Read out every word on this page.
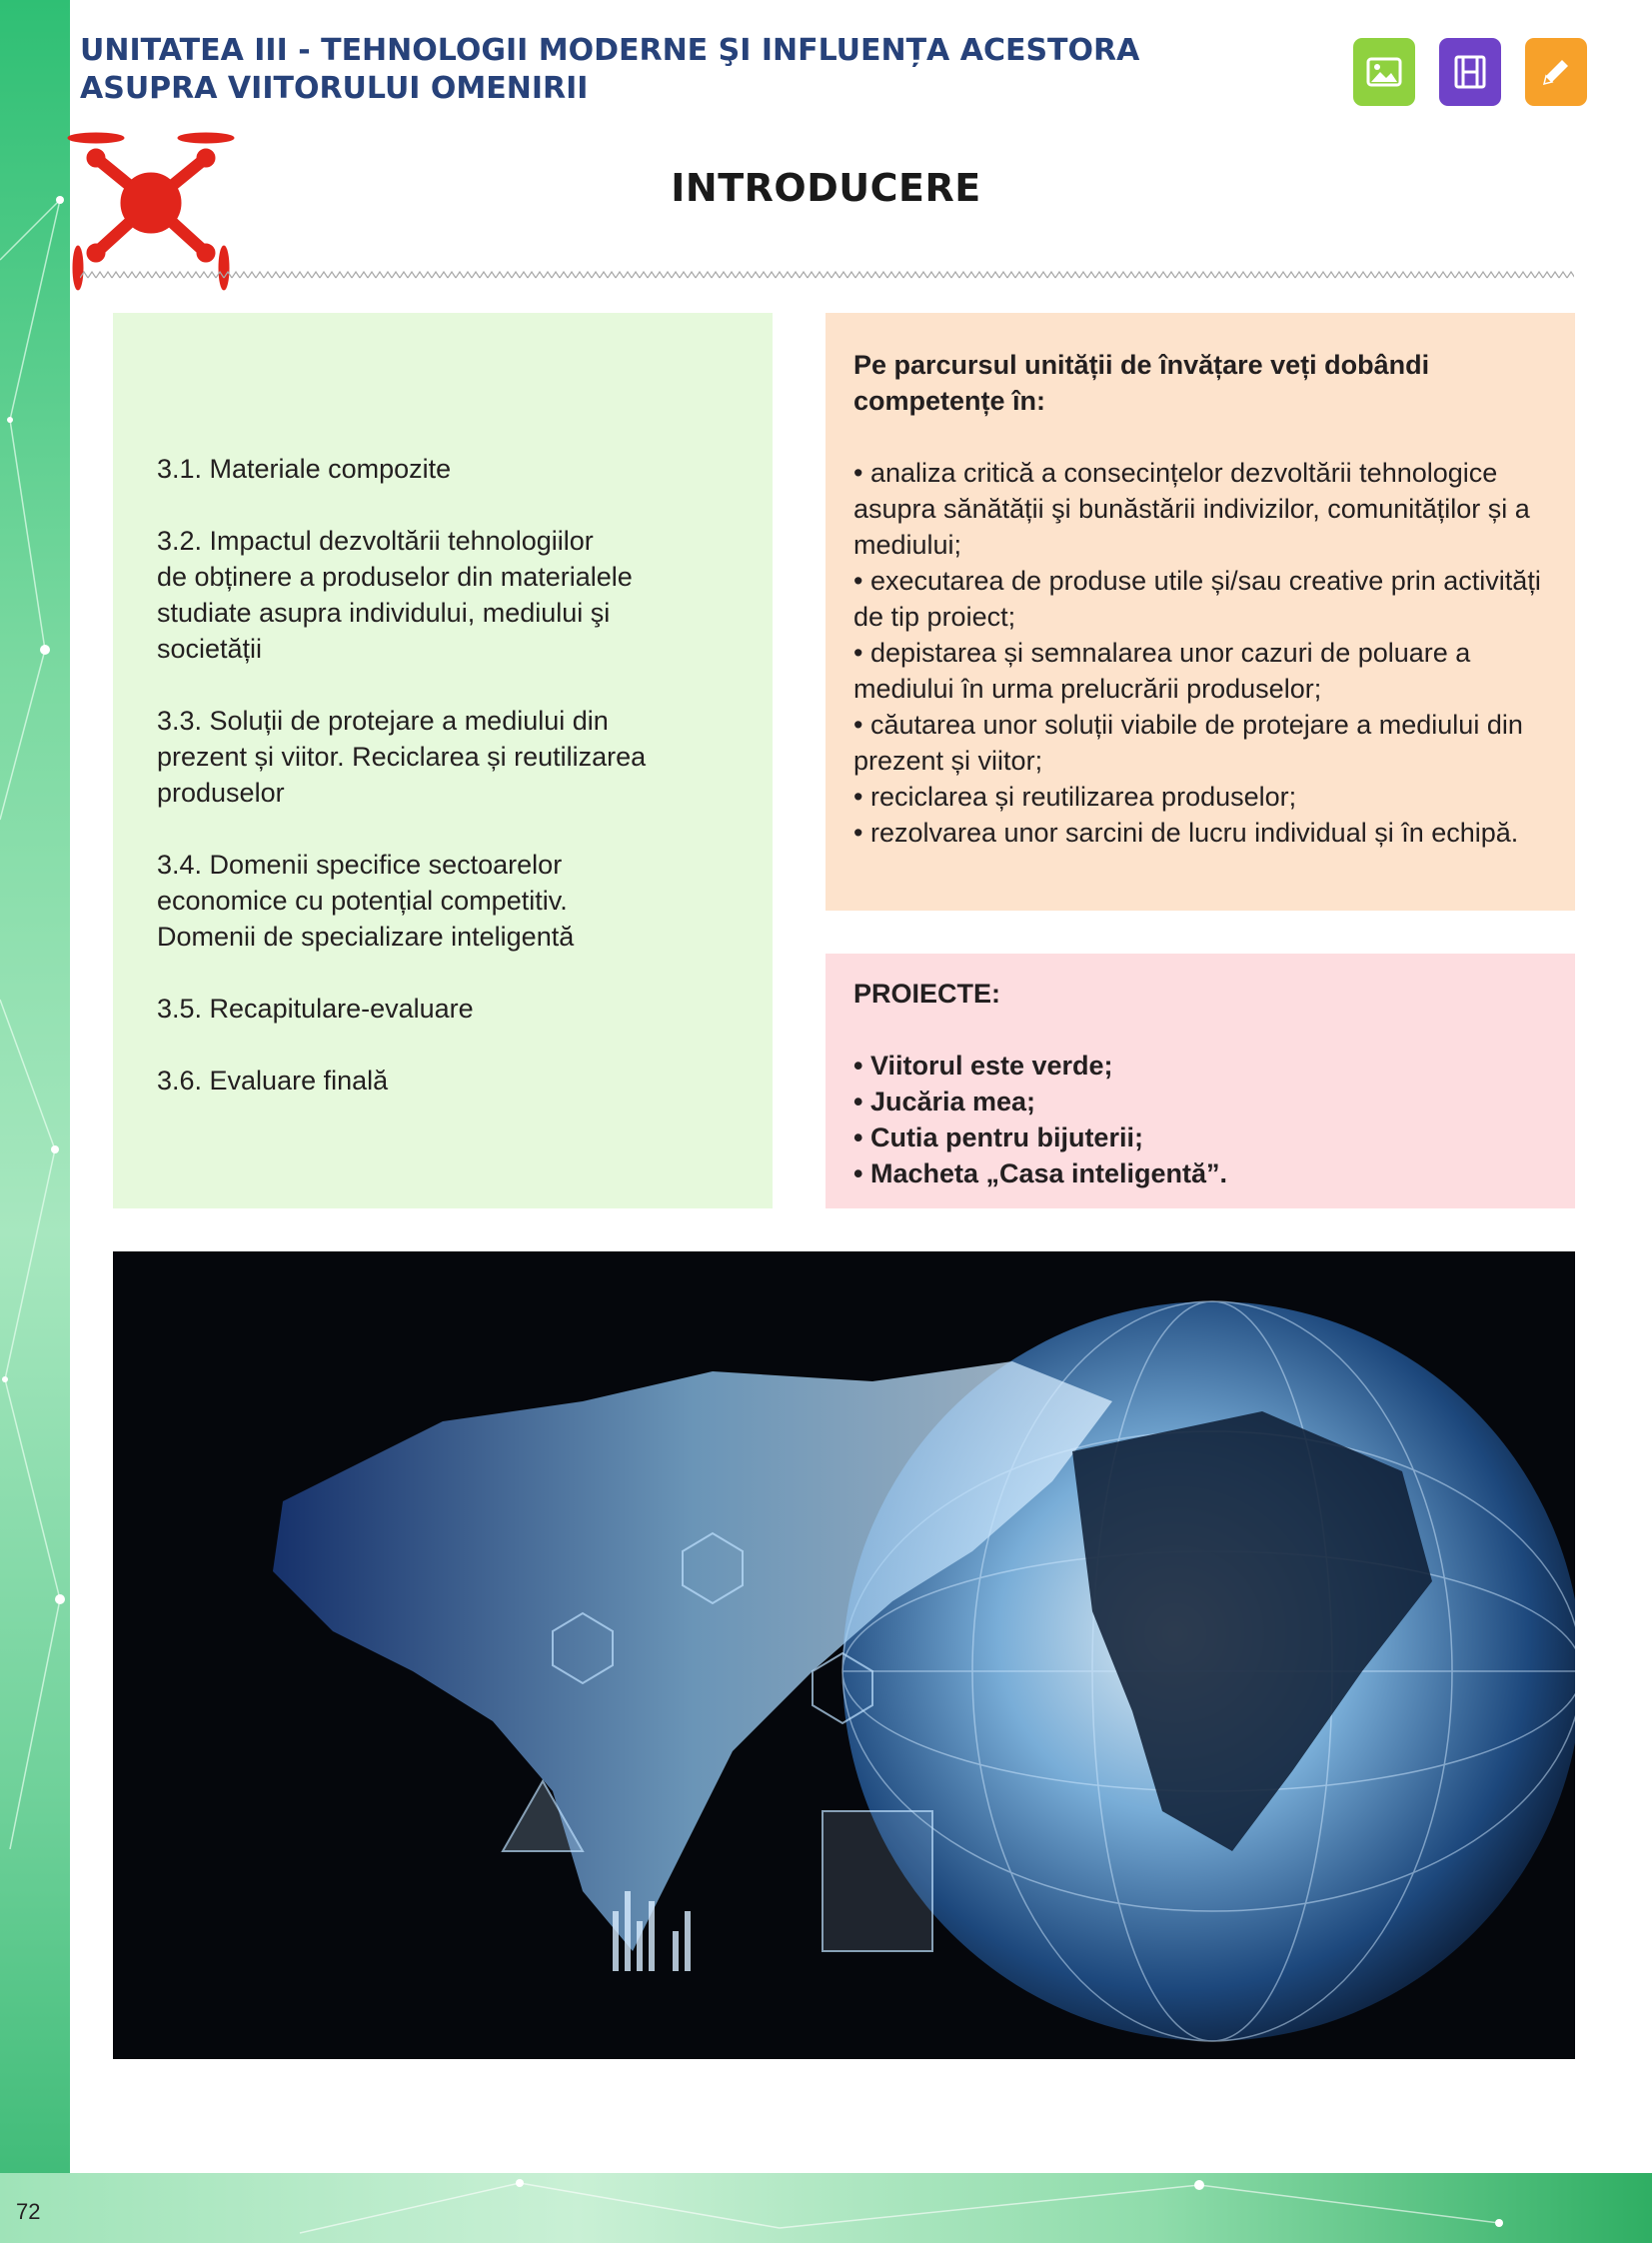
72
UNITATEA III - TEHNOLOGII MODERNE ŞI INFLUENȚA ACESTORA ASUPRA VIITORULUI OMENIRII
INTRODUCERE
3.1. Materiale compozite
3.2. Impactul dezvoltării tehnologiilor
de obținere a produselor din materialele
studiate asupra individului, mediului şi
societății
3.3. Soluții de protejare a mediului din
prezent și viitor. Reciclarea și reutilizarea
produselor
3.4. Domenii specifice sectoarelor
economice cu potențial competitiv.
Domenii de specializare inteligentă
3.5. Recapitulare-evaluare
3.6. Evaluare finală
Pe parcursul unității de învățare veți dobândi competențe în:
• analiza critică a consecințelor dezvoltării tehnologice asupra sănătății şi bunăstării indivizilor, comunităților și a mediului;
• executarea de produse utile și/sau creative prin activități de tip proiect;
• depistarea și semnalarea unor cazuri de poluare a mediului în urma prelucrării produselor;
• căutarea unor soluții viabile de protejare a mediului din prezent și viitor;
• reciclarea și reutilizarea produselor;
• rezolvarea unor sarcini de lucru individual și în echipă.
PROIECTE:
• Viitorul este verde;
• Jucăria mea;
• Cutia pentru bijuterii;
• Macheta „Casa inteligentă”.
